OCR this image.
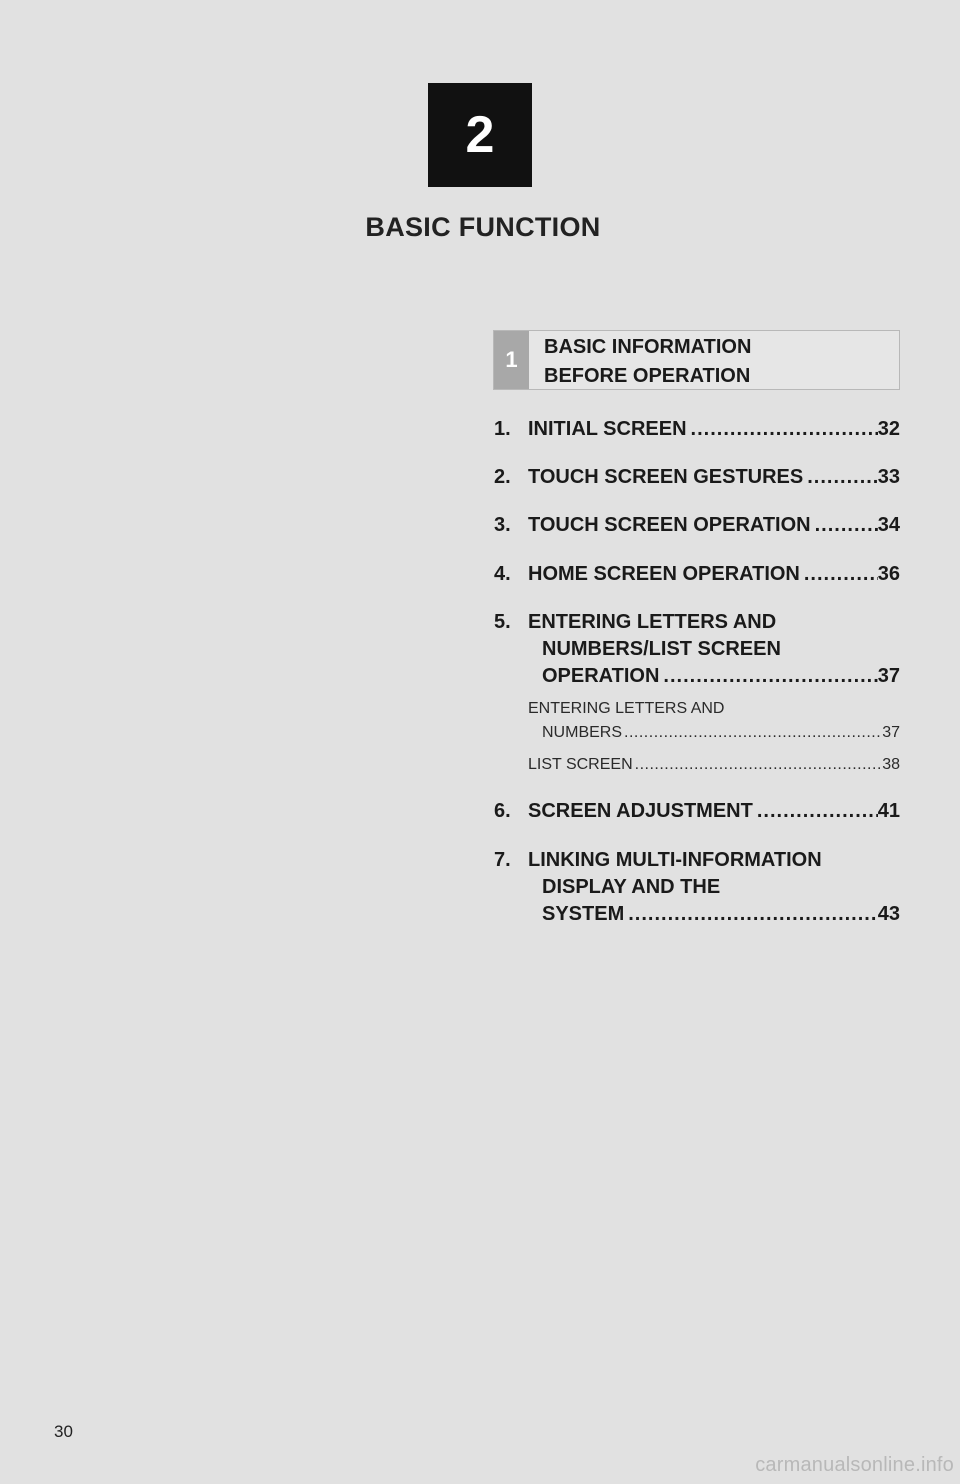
2
BASIC FUNCTION
1	BASIC INFORMATION
BEFORE OPERATION
1. INITIAL SCREEN .....	32
2. TOUCH SCREEN GESTURES .....	33
3. TOUCH SCREEN OPERATION .....	34
4. HOME SCREEN OPERATION .....	36
5. ENTERING LETTERS AND
NUMBERS/LIST SCREEN
OPERATION .....	37
ENTERING LETTERS AND
NUMBERS .....	37
LIST SCREEN .....	38
6. SCREEN ADJUSTMENT .....	41
7. LINKING MULTI-INFORMATION
DISPLAY AND THE
SYSTEM .....	43
30
carmanualsonline.info
